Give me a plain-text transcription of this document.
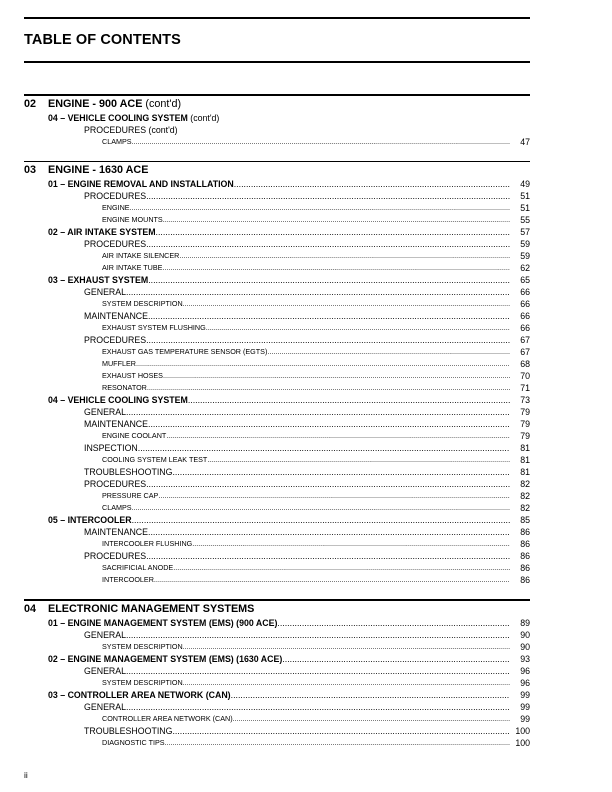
TABLE OF CONTENTS
02 ENGINE - 900 ACE (cont'd)
04 – VEHICLE COOLING SYSTEM (cont'd)
PROCEDURES (cont'd)
CLAMPS .....	47
03 ENGINE - 1630 ACE
01 – ENGINE REMOVAL AND INSTALLATION .....	49
PROCEDURES .....	51
ENGINE .....	51
ENGINE MOUNTS .....	55
02 – AIR INTAKE SYSTEM .....	57
PROCEDURES .....	59
AIR INTAKE SILENCER .....	59
AIR INTAKE TUBE .....	62
03 – EXHAUST SYSTEM .....	65
GENERAL .....	66
SYSTEM DESCRIPTION .....	66
MAINTENANCE .....	66
EXHAUST SYSTEM FLUSHING .....	66
PROCEDURES .....	67
EXHAUST GAS TEMPERATURE SENSOR (EGTS) .....	67
MUFFLER .....	68
EXHAUST HOSES .....	70
RESONATOR .....	71
04 – VEHICLE COOLING SYSTEM .....	73
GENERAL .....	79
MAINTENANCE .....	79
ENGINE COOLANT .....	79
INSPECTION .....	81
COOLING SYSTEM LEAK TEST .....	81
TROUBLESHOOTING .....	81
PROCEDURES .....	82
PRESSURE CAP .....	82
CLAMPS .....	82
05 – INTERCOOLER .....	85
MAINTENANCE .....	86
INTERCOOLER FLUSHING .....	86
PROCEDURES .....	86
SACRIFICIAL ANODE .....	86
INTERCOOLER .....	86
04 ELECTRONIC MANAGEMENT SYSTEMS
01 – ENGINE MANAGEMENT SYSTEM (EMS) (900 ACE) .....	89
GENERAL .....	90
SYSTEM DESCRIPTION .....	90
02 – ENGINE MANAGEMENT SYSTEM (EMS) (1630 ACE) .....	93
GENERAL .....	96
SYSTEM DESCRIPTION .....	96
03 – CONTROLLER AREA NETWORK (CAN) .....	99
GENERAL .....	99
CONTROLLER AREA NETWORK (CAN) .....	99
TROUBLESHOOTING .....	100
DIAGNOSTIC TIPS .....	100
ii
